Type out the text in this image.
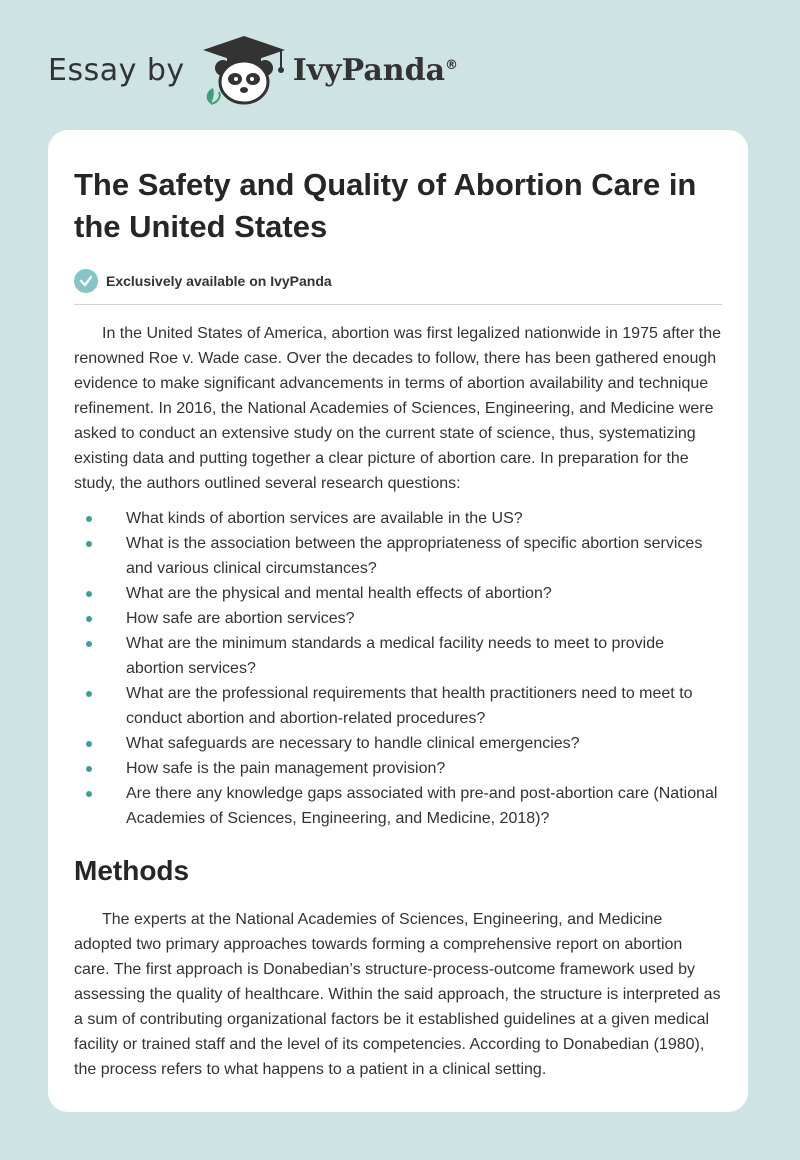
Essay by	IvyPanda®
The Safety and Quality of Abortion Care in the United States
Exclusively available on IvyPanda

In the United States of America, abortion was first legalized nationwide in 1975 after the renowned Roe v. Wade case. Over the decades to follow, there has been gathered enough evidence to make significant advancements in terms of abortion availability and technique refinement. In 2016, the National Academies of Sciences, Engineering, and Medicine were asked to conduct an extensive study on the current state of science, thus, systematizing existing data and putting together a clear picture of abortion care. In preparation for the study, the authors outlined several research questions:

What kinds of abortion services are available in the US?
What is the association between the appropriateness of specific abortion services and various clinical circumstances?
What are the physical and mental health effects of abortion?
How safe are abortion services?
What are the minimum standards a medical facility needs to meet to provide abortion services?
What are the professional requirements that health practitioners need to meet to conduct abortion and abortion-related procedures?
What safeguards are necessary to handle clinical emergencies?
How safe is the pain management provision?
Are there any knowledge gaps associated with pre-and post-abortion care (National Academies of Sciences, Engineering, and Medicine, 2018)?
Methods

The experts at the National Academies of Sciences, Engineering, and Medicine adopted two primary approaches towards forming a comprehensive report on abortion care. The first approach is Donabedian’s structure-process-outcome framework used by assessing the quality of healthcare. Within the said approach, the structure is interpreted as a sum of contributing organizational factors be it established guidelines at a given medical facility or trained staff and the level of its competencies. According to Donabedian (1980), the process refers to what happens to a patient in a clinical setting.
